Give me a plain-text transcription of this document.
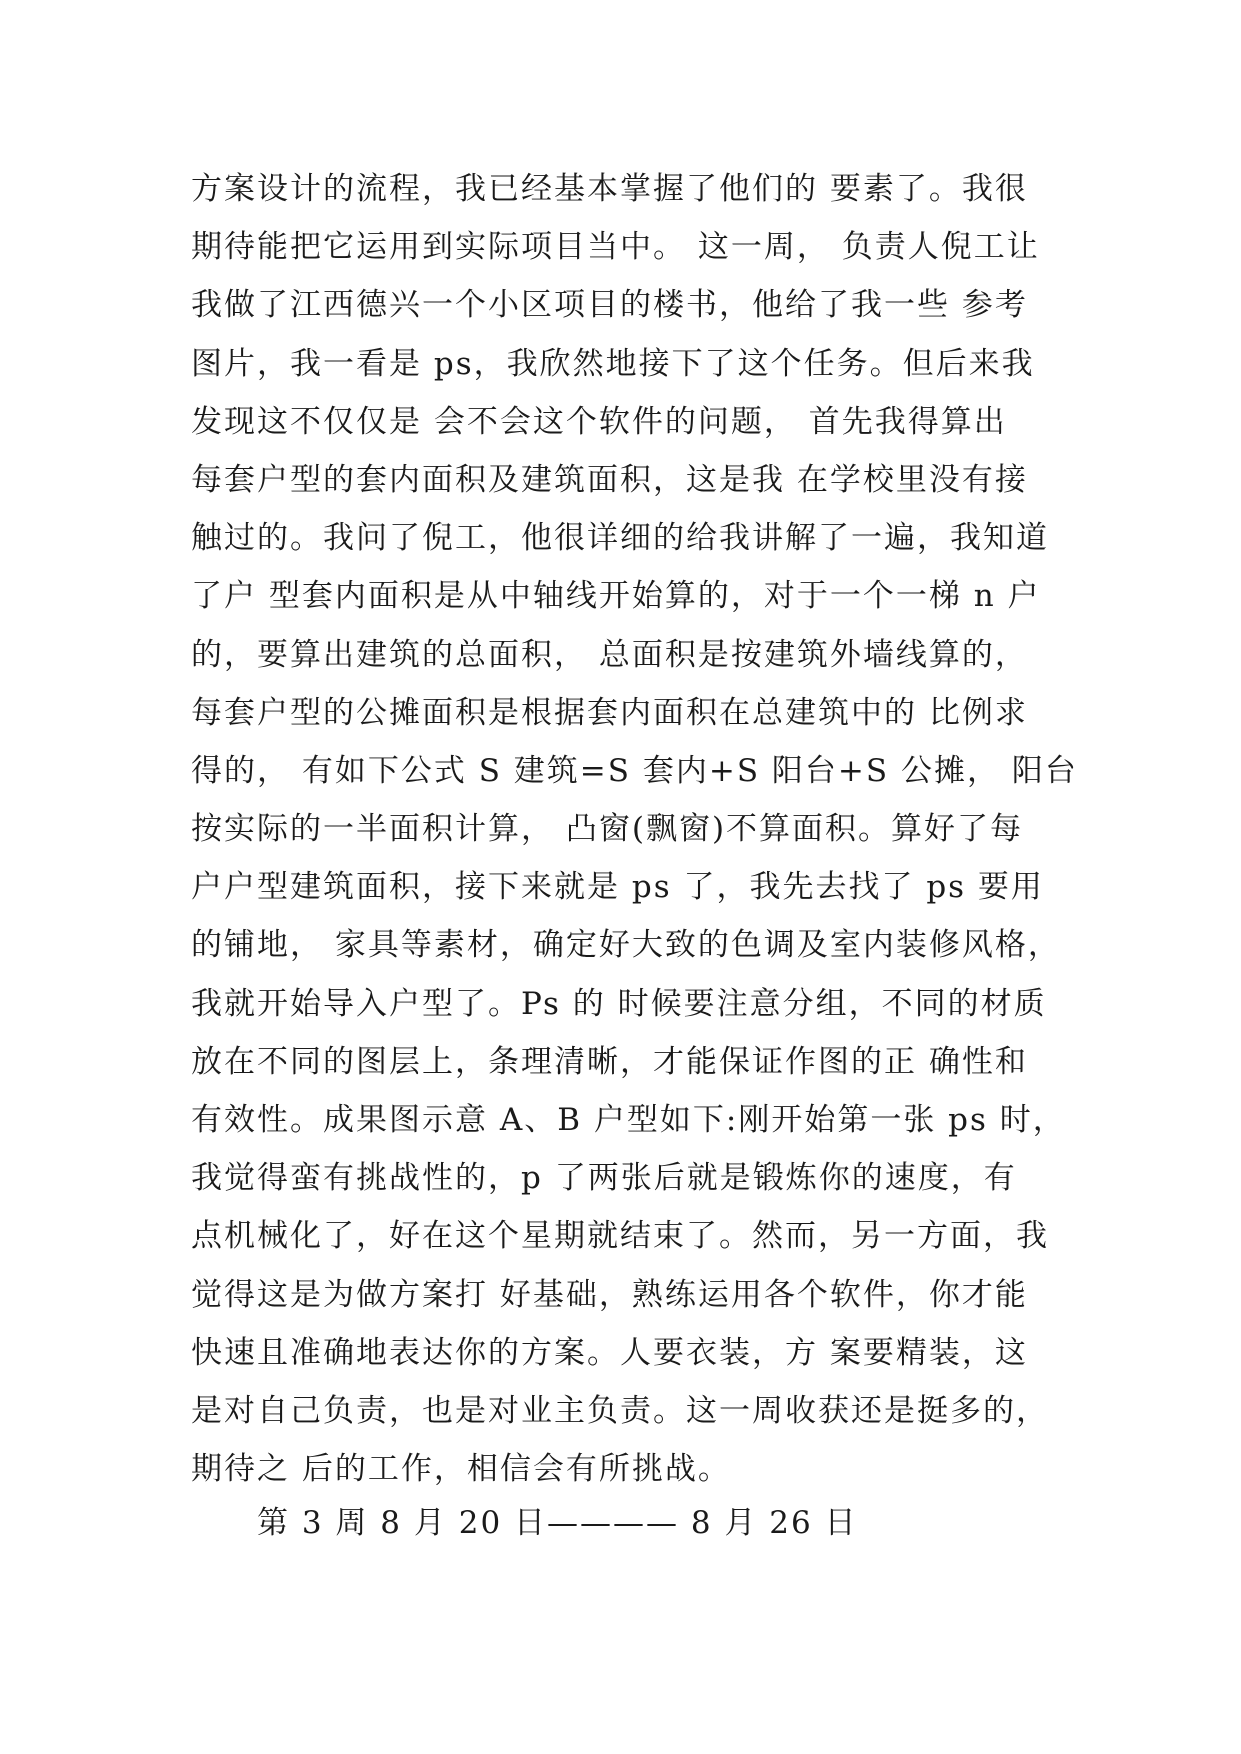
方案设计的流程，我已经基本掌握了他们的 要素了。我很
期待能把它运用到实际项目当中。 这一周， 负责人倪工让
我做了江西德兴一个小区项目的楼书，他给了我一些 参考
图片，我一看是 ps，我欣然地接下了这个任务。但后来我
发现这不仅仅是 会不会这个软件的问题， 首先我得算出
每套户型的套内面积及建筑面积，这是我 在学校里没有接
触过的。我问了倪工，他很详细的给我讲解了一遍，我知道
了户 型套内面积是从中轴线开始算的，对于一个一梯 n 户
的，要算出建筑的总面积， 总面积是按建筑外墙线算的，
每套户型的公摊面积是根据套内面积在总建筑中的 比例求
得的， 有如下公式 S 建筑=S 套内+S 阳台+S 公摊， 阳台
按实际的一半面积计算， 凸窗(飘窗)不算面积。算好了每
户户型建筑面积，接下来就是 ps 了，我先去找了 ps 要用
的铺地， 家具等素材，确定好大致的色调及室内装修风格，
我就开始导入户型了。Ps 的 时候要注意分组，不同的材质
放在不同的图层上，条理清晰，才能保证作图的正 确性和
有效性。成果图示意 A、B 户型如下:刚开始第一张 ps 时，
我觉得蛮有挑战性的，p 了两张后就是锻炼你的速度，有
点机械化了，好在这个星期就结束了。然而，另一方面，我
觉得这是为做方案打 好基础，熟练运用各个软件，你才能
快速且准确地表达你的方案。人要衣装，方 案要精装，这
是对自己负责，也是对业主负责。这一周收获还是挺多的，
期待之 后的工作，相信会有所挑战。

第 3 周 8 月 20 日———— 8 月 26 日
